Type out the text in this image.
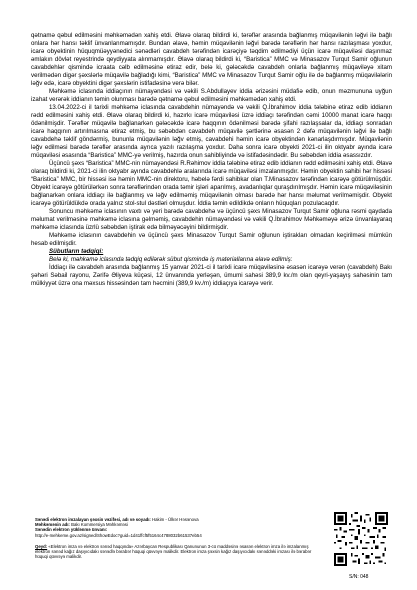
qətnamə qəbul edilməsini məhkəmədən xahiş etdi. Əlavə olaraq bildirdi ki, tərəflər arasında bağlanmış müqavilənin ləğvi ilə bağlı onlara hər hansı təklif ünvanlanmamışdır. Bundan əlavə, həmin müqavilənin ləğvi barədə tərəflərin hər hansı razılaşması yoxdur, icarə obyektinin hüquqmüəyyənedici sənədləri cavabdeh tərəfindən icarəçiyə təqdim edilmədiyi üçün icarə müqaviləsi daşınmaz əmlakın dövlət reyestrində qeydiyyata alınmamışdır. Əlavə olaraq bildirdi ki, “Baristica” MMC və Minasazov Turqut Samir oğlunun cavabdehlər qismində icraata cəlb edilməsinə etiraz edir, belə ki, gələcəkdə cavabdeh onlarla bağlanmış müqaviləyə xitam verilmədən digər şəxslərlə müqavilə bağladığı kimi, “Baristica” MMC və Minasazov Turqut Samir oğlu ilə də bağlanmış müqavilələrin ləğv edə, icarə obyektini digər şəxslərin istifadəsinə verə bilər.

Məhkəmə iclasında iddiaçının nümayəndəsi və vəkili S.Abdullayev iddia ərizəsini müdafiə edib, onun məzmununa uyğun izahat verərək iddianın təmin olunması barədə qətnamə qəbul edilməsini məhkəmədən xahiş etdi.

13.04.2022-ci il tarixli məhkəmə iclasında cavabdehin nümayəndə və vəkili Q.İbrahimov iddia tələbinə etiraz edib iddianın rədd edilməsini xahiş etdi. Əlavə olaraq bildirdi ki, hazırkı icarə müqaviləsi üzrə iddiaçı tərəfindən cəmi 10000 manat icarə haqqı ödənilmişdir. Tərəflər müqavilə bağlanarkən gələcəkdə icarə haqqının ödənilməsi barədə şifahi razılaşsalar da, iddiaçı sonradan icarə haqqının artırılmasına etiraz etmiş, bu səbəbdən cavabdeh müqavilə şərtlərinə əsasən 2 dəfə müqavilənin ləğvi ilə bağlı cavabdehə təklif göndərmiş, bununla müqavilənin ləğv etmiş, cavabdehi həmin icarə obyektindən kənarlaşdırmışdır. Müqavilənin ləğv edilməsi barədə tərəflər arasında ayrıca yazılı razılaşma yoxdur. Daha sonra icarə obyekti 2021-ci ilin oktyabr ayında icarə müqaviləsi əsasında “Baristica” MMC-yə verilmiş, hazırda onun sahibliyində və istifadəsindədir. Bu səbəbdən iddia əsassızdır.

Üçüncü şəxs “Baristica” MMC-nin nümayəndəsi R.Rəhimov iddia tələbinə etiraz edib iddianın rədd edilməsini xahiş etdi. Əlavə olaraq bildirdi ki, 2021-ci ilin oktyabr ayında cavabdehlə aralarında icarə müqaviləsi imzalanmışdır. Həmin obyektin sahibi hər hissəsi “Baristica” MMC, bir hissəsi isə həmin MMC-nin direktoru, həbelə fərdi sahibkar olan T.Minasazov tərəfindən icarəyə götürülmüşdür. Obyekt icarəyə götürülərkən sonra tərəflərindən orada təmir işləri aparılmış, avadanlıqlar quraşdırılmışdır. Həmin icarə müqaviləsinin bağlanarkən onlara iddiaçı ilə bağlanmış və ləğv edilməmiş müqavilənin olması barədə hər hansı məlumat verilməmişdir. Obyekt icarəyə götürüldükdə orada yalnız stol-stul dəstləri olmuşdur. İddia təmin edildikdə onların hüquqları pozulacaqdır.

Sonuncu məhkəmə iclasının vaxtı və yeri barədə cavabdehə və üçüncü şəxs Minasazov Turqut Samir oğluna rəsmi qaydada məlumat verilməsinə məhkəmə iclasına gəlməmiş, cavabdehin nümayəndəsi və vəkili Q.İbrahimov Məhkəməyə ərizə ünvanlayaraq məhkəmə iclasında üzrlü səbəbdən iştirak edə bilməyəcəyini bildirmişdir.

Məhkəmə iclasının cavabdehin və üçüncü şəxs Minasazov Turqut Samir oğlunun iştirakları olmadan keçirilməsi mümkün hesab edilmişdir.

Sübutların tədqiqi:

Belə ki, məhkəmə iclasında tədqiq edilərək sübut qismində iş materiallarına əlavə edilmiş:

İddiaçı ilə cavabdeh arasında bağlanmış 15 yanvar 2021-ci il tarixli icarə müqaviləsinə əsasən icarəyə verən (cavabdeh) Bakı şəhəri Səbail rayonu, Zərifə Əliyeva küçəsi, 12 ünvanında yerləşən, ümumi sahəsi 389,9 kv./m olan qeyri-yaşayış sahəsinin tam mülkiyyət üzrə ona məxsus hissəsindən tam həcmini (389,9 kv./m) iddiaçıya icarəyə verir.

Sənədi elektron imzalayan şəxsin vəzifəsi, adı və soyadı: Hakim - Ülkər Həsənova

Məhkəmənin adı: Bakı Kommersiya Məhkəməsi

Sənədin elektron yüklənmə ünvanı:

http://e-mehkeme.gov.az/signed/ShowEdoc?guid=1d41ffcf5f5164c4788032b61537eb54

Qeyd: «Elektron imza və elektron sənəd haqqında» Azərbaycan Respublikası Qanununun 3-cü maddəsinə əsasən elektron imza ilə imzalanmış elektron sənəd kağız daşıyıcıdakı sənədlə bərabər hüquqi qüvvəyə malikdir. Elektron imza şəxsin kağız daşıyıcıdakı sənəddəki imzası ilə bərabər hüquqi qüvvəyə malikdir.

S/N: 048
